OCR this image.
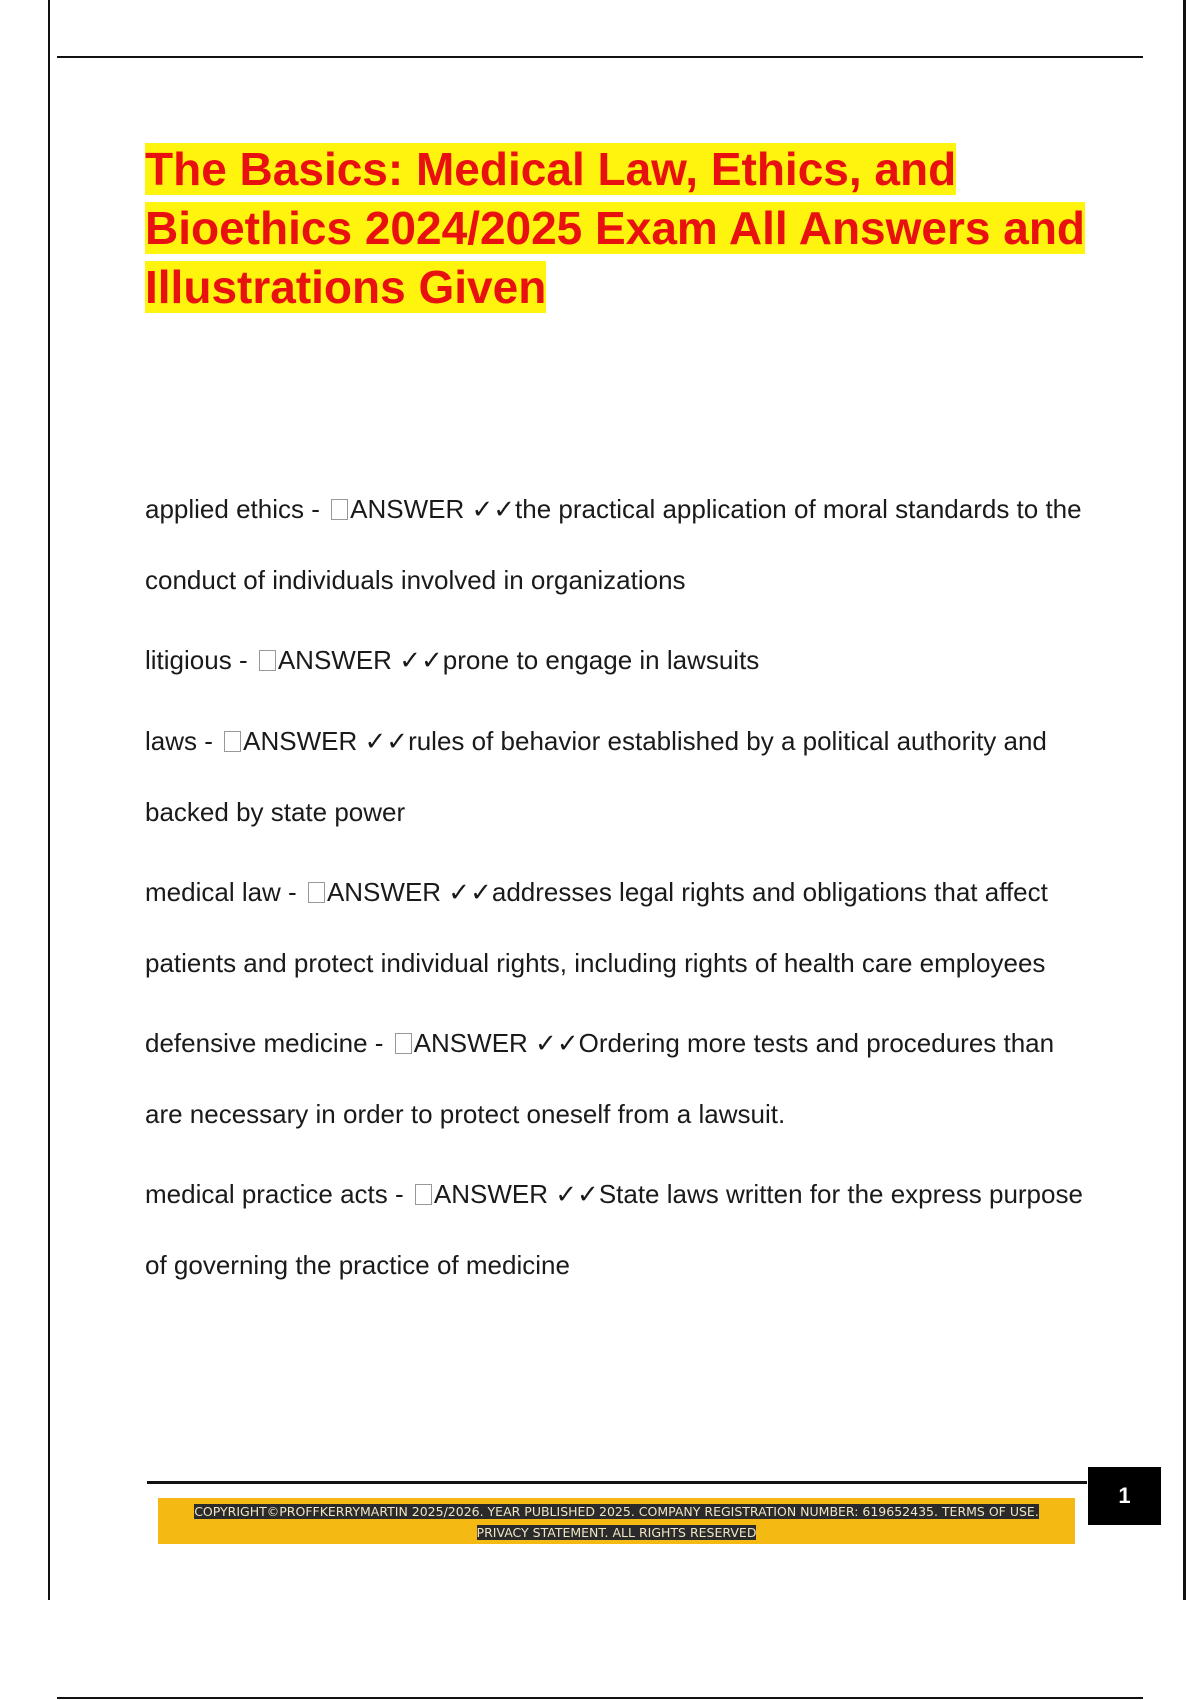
The Basics: Medical Law, Ethics, and Bioethics 2024/2025 Exam All Answers and Illustrations Given

applied ethics - ANSWER ✓✓the practical application of moral standards to the conduct of individuals involved in organizations

litigious - ANSWER ✓✓prone to engage in lawsuits

laws - ANSWER ✓✓rules of behavior established by a political authority and backed by state power

medical law - ANSWER ✓✓addresses legal rights and obligations that affect patients and protect individual rights, including rights of health care employees

defensive medicine - ANSWER ✓✓Ordering more tests and procedures than are necessary in order to protect oneself from a lawsuit.

medical practice acts - ANSWER ✓✓State laws written for the express purpose of governing the practice of medicine

COPYRIGHT©PROFFKERRYMARTIN 2025/2026. YEAR PUBLISHED 2025. COMPANY REGISTRATION NUMBER: 619652435. TERMS OF USE.
PRIVACY STATEMENT. ALL RIGHTS RESERVED
1
